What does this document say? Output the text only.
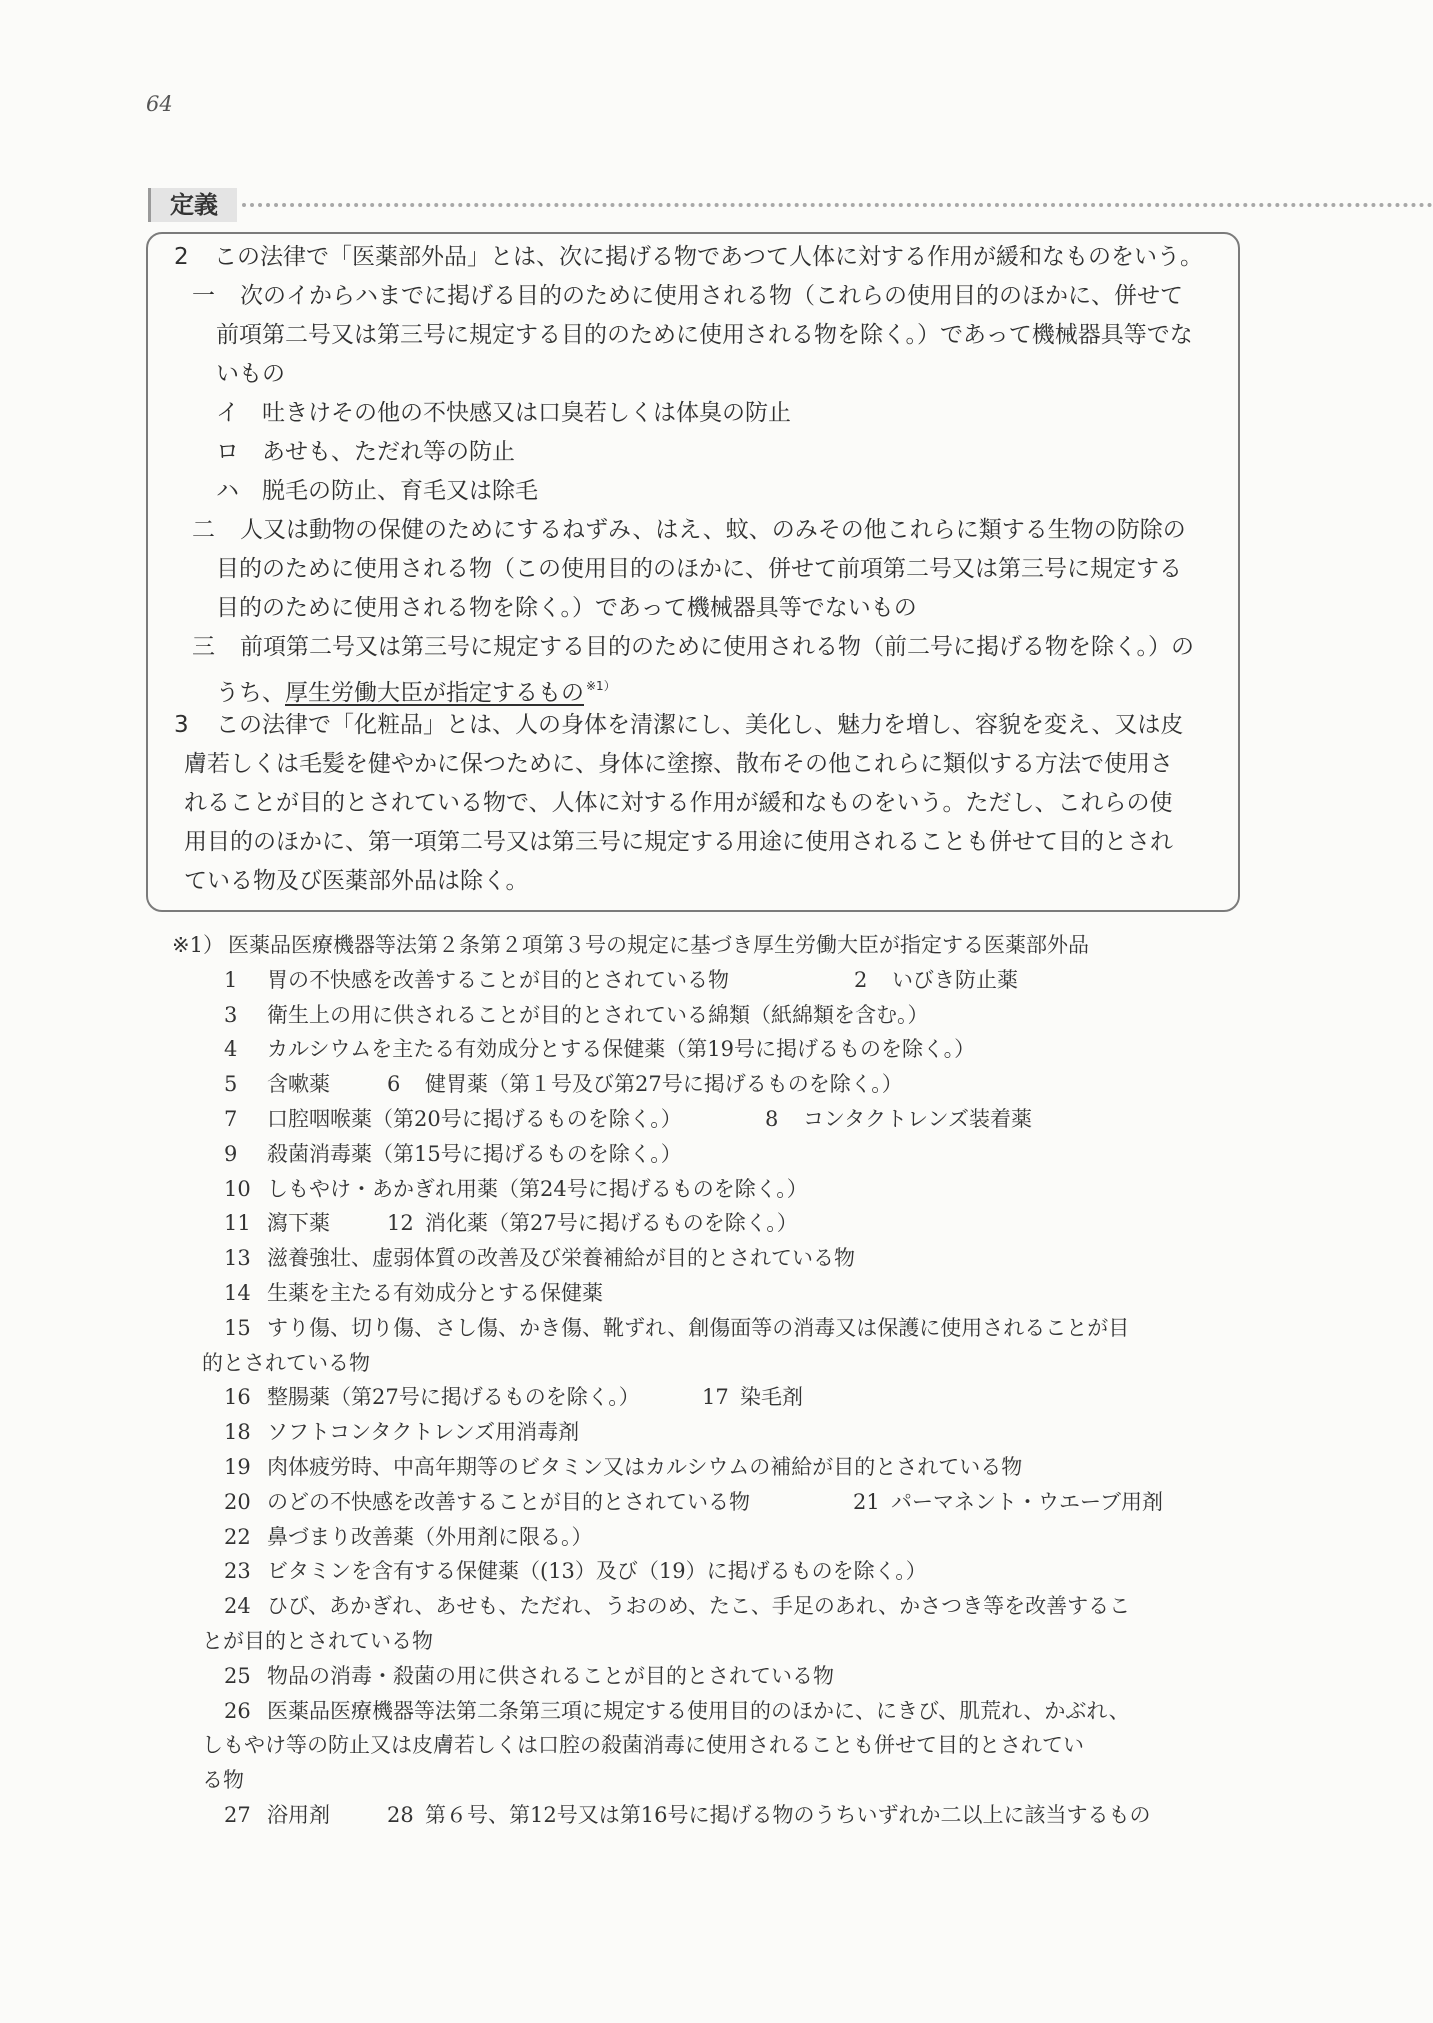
64
定義
2 この法律で「医薬部外品」とは、次に掲げる物であつて人体に対する作用が緩和なものをいう。
一 次のイからハまでに掲げる目的のために使用される物（これらの使用目的のほかに、併せて
前項第二号又は第三号に規定する目的のために使用される物を除く。）であって機械器具等でな
いもの
イ 吐きけその他の不快感又は口臭若しくは体臭の防止
ロ あせも、ただれ等の防止
ハ 脱毛の防止、育毛又は除毛
二 人又は動物の保健のためにするねずみ、はえ、蚊、のみその他これらに類する生物の防除の
目的のために使用される物（この使用目的のほかに、併せて前項第二号又は第三号に規定する
目的のために使用される物を除く。）であって機械器具等でないもの
三 前項第二号又は第三号に規定する目的のために使用される物（前二号に掲げる物を除く。）の
うち、厚生労働大臣が指定するもの $^{※1)}$
3 この法律で「化粧品」とは、人の身体を清潔にし、美化し、魅力を増し、容貌を変え、又は皮
膚若しくは毛髪を健やかに保つために、身体に塗擦、散布その他これらに類似する方法で使用さ
れることが目的とされている物で、人体に対する作用が緩和なものをいう。ただし、これらの使
用目的のほかに、第一項第二号又は第三号に規定する用途に使用されることも併せて目的とされ
ている物及び医薬部外品は除く。
※1） 医薬品医療機器等法第２条第２項第３号の規定に基づき厚生労働大臣が指定する医薬部外品
1 胃の不快感を改善することが目的とされている物	2 いびき防止薬
3 衛生上の用に供されることが目的とされている綿類（紙綿類を含む。）
4 カルシウムを主たる有効成分とする保健薬（第19号に掲げるものを除く。）
5 含嗽薬	6 健胃薬（第１号及び第27号に掲げるものを除く。）
7 口腔咽喉薬（第20号に掲げるものを除く。）	8 コンタクトレンズ装着薬
9 殺菌消毒薬（第15号に掲げるものを除く。）
10 しもやけ・あかぎれ用薬（第24号に掲げるものを除く。）
11 瀉下薬	12 消化薬（第27号に掲げるものを除く。）
13 滋養強壮、虚弱体質の改善及び栄養補給が目的とされている物
14 生薬を主たる有効成分とする保健薬
15 すり傷、切り傷、さし傷、かき傷、靴ずれ、創傷面等の消毒又は保護に使用されることが目
的とされている物
16 整腸薬（第27号に掲げるものを除く。）	17 染毛剤
18 ソフトコンタクトレンズ用消毒剤
19 肉体疲労時、中高年期等のビタミン又はカルシウムの補給が目的とされている物
20 のどの不快感を改善することが目的とされている物	21 パーマネント・ウエーブ用剤
22 鼻づまり改善薬（外用剤に限る。）
23 ビタミンを含有する保健薬（(13）及び（19）に掲げるものを除く。）
24 ひび、あかぎれ、あせも、ただれ、うおのめ、たこ、手足のあれ、かさつき等を改善するこ
とが目的とされている物
25 物品の消毒・殺菌の用に供されることが目的とされている物
26 医薬品医療機器等法第二条第三項に規定する使用目的のほかに、にきび、肌荒れ、かぶれ、
しもやけ等の防止又は皮膚若しくは口腔の殺菌消毒に使用されることも併せて目的とされてい
る物
27 浴用剤	28 第６号、第12号又は第16号に掲げる物のうちいずれか二以上に該当するもの
